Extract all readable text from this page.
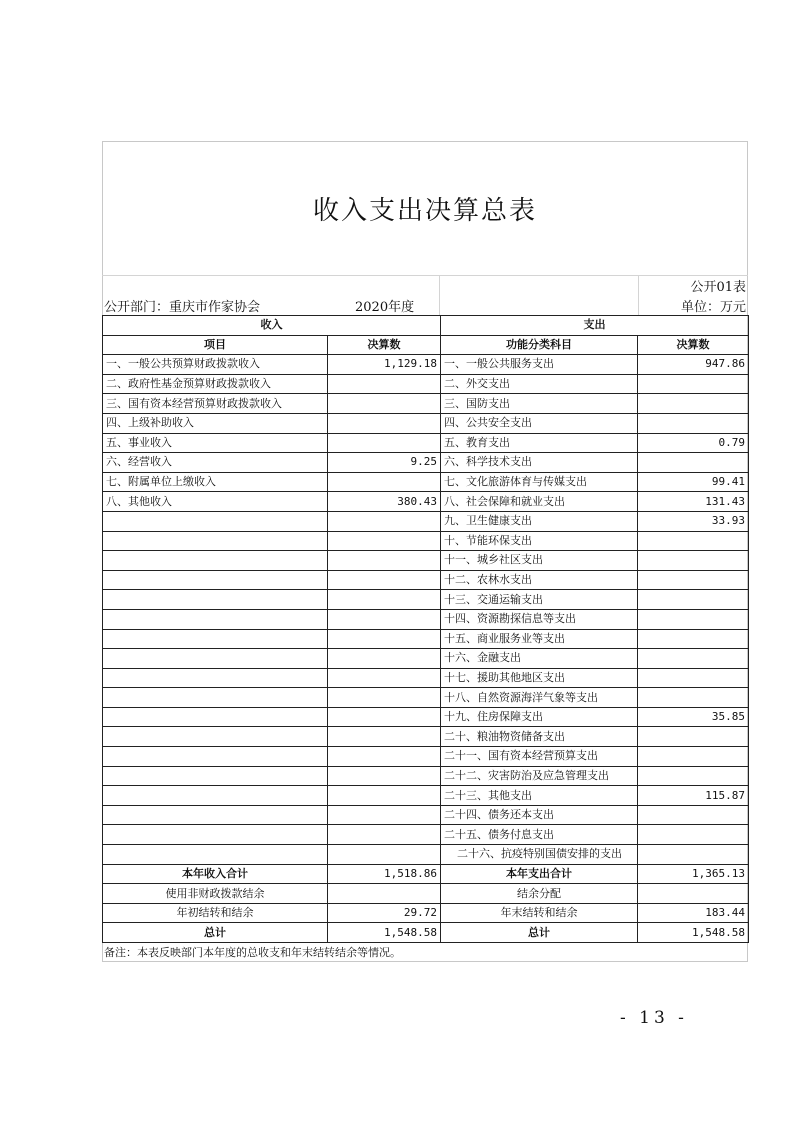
收入支出决算总表
公开01表
公开部门：重庆市作家协会	2020年度	单位：万元
收入		支出	
项目	决算数	功能分类科目	决算数
一、一般公共预算财政拨款收入	1,129.18	一、一般公共服务支出	947.86
二、政府性基金预算财政拨款收入		二、外交支出	
三、国有资本经营预算财政拨款收入		三、国防支出	
四、上级补助收入		四、公共安全支出	
五、事业收入		五、教育支出	0.79
六、经营收入	9.25	六、科学技术支出	
七、附属单位上缴收入		七、文化旅游体育与传媒支出	99.41
八、其他收入	380.43	八、社会保障和就业支出	131.43
		九、卫生健康支出	33.93
		十、节能环保支出	
		十一、城乡社区支出	
		十二、农林水支出	
		十三、交通运输支出	
		十四、资源勘探信息等支出	
		十五、商业服务业等支出	
		十六、金融支出	
		十七、援助其他地区支出	
		十八、自然资源海洋气象等支出	
		十九、住房保障支出	35.85
		二十、粮油物资储备支出	
		二十一、国有资本经营预算支出	
		二十二、灾害防治及应急管理支出	
		二十三、其他支出	115.87
		二十四、债务还本支出	
		二十五、债务付息支出	
		二十六、抗疫特别国债安排的支出	
本年收入合计	1,518.86	本年支出合计	1,365.13
使用非财政拨款结余		结余分配	
年初结转和结余	29.72	年末结转和结余	183.44
总计	1,548.58	总计	1,548.58
备注：本表反映部门本年度的总收支和年末结转结余等情况。
- 13 -
